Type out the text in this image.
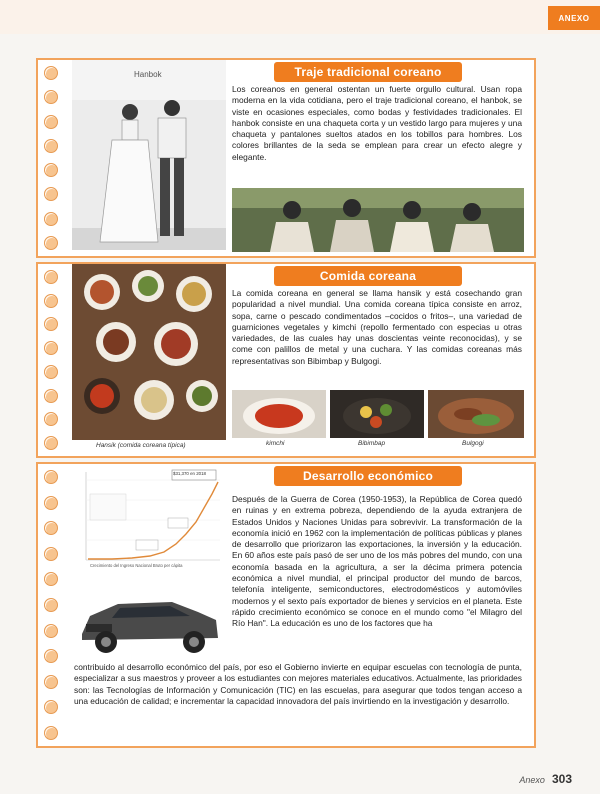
ANEXO
Hanbok	Traje tradicional coreano
Los coreanos en general ostentan un fuerte orgullo cultural. Usan ropa moderna en la vida cotidiana, pero el traje tradicional coreano, el hanbok, se viste en ocasiones especiales, como bodas y festividades tradicionales. El hanbok consiste en una chaqueta corta y un vestido largo para mujeres y una chaqueta y pantalones sueltos atados en los tobillos para hombres. Los colores brillantes de la seda se emplean para crear un efecto alegre y elegante.
Hansik (comida coreana típica)
Comida coreana
La comida coreana en general se llama hansik y está cosechando gran popularidad a nivel mundial. Una comida coreana típica consiste en arroz, sopa, carne o pescado condimentados –cocidos o fritos–, una variedad de guarniciones vegetales y kimchi (repollo fermentado con especias u otras variedades, de las cuales hay unas doscientas veinte reconocidas), y se come con palillos de metal y una cuchara. Y las comidas coreanas más representativas son Bibimbap y Bulgogi.
kimchi	Bibimbap	Bulgogi
$31,370 en 2018
Crecimiento del Ingreso Nacional Bruto per cápita
Desarrollo económico
Después de la Guerra de Corea (1950-1953), la República de Corea quedó en ruinas y en extrema pobreza, dependiendo de la ayuda extranjera de Estados Unidos y Naciones Unidas para sobrevivir. La transformación de la economía inició en 1962 con la implementación de políticas públicas y planes de desarrollo que priorizaron las exportaciones, la inversión y la educación. En 60 años este país pasó de ser uno de los más pobres del mundo, con una economía basada en la agricultura, a ser la décima primera potencia económica a nivel mundial, el principal productor del mundo de barcos, telefonía inteligente, semiconductores, electrodomésticos y automóviles modernos y el sexto país exportador de bienes y servicios en el planeta. Este rápido crecimiento económico se conoce en el mundo como "el Milagro del Río Han". La educación es uno de los factores que ha
contribuido al desarrollo económico del país, por eso el Gobierno invierte en equipar escuelas con tecnología de punta, especializar a sus maestros y proveer a los estudiantes con mejores materiales educativos. Actualmente, las prioridades son: las Tecnologías de Información y Comunicación (TIC) en las escuelas, para asegurar que todos tengan acceso a una educación de calidad; e incrementar la capacidad innovadora del país invirtiendo en la investigación y desarrollo.
Anexo 303
